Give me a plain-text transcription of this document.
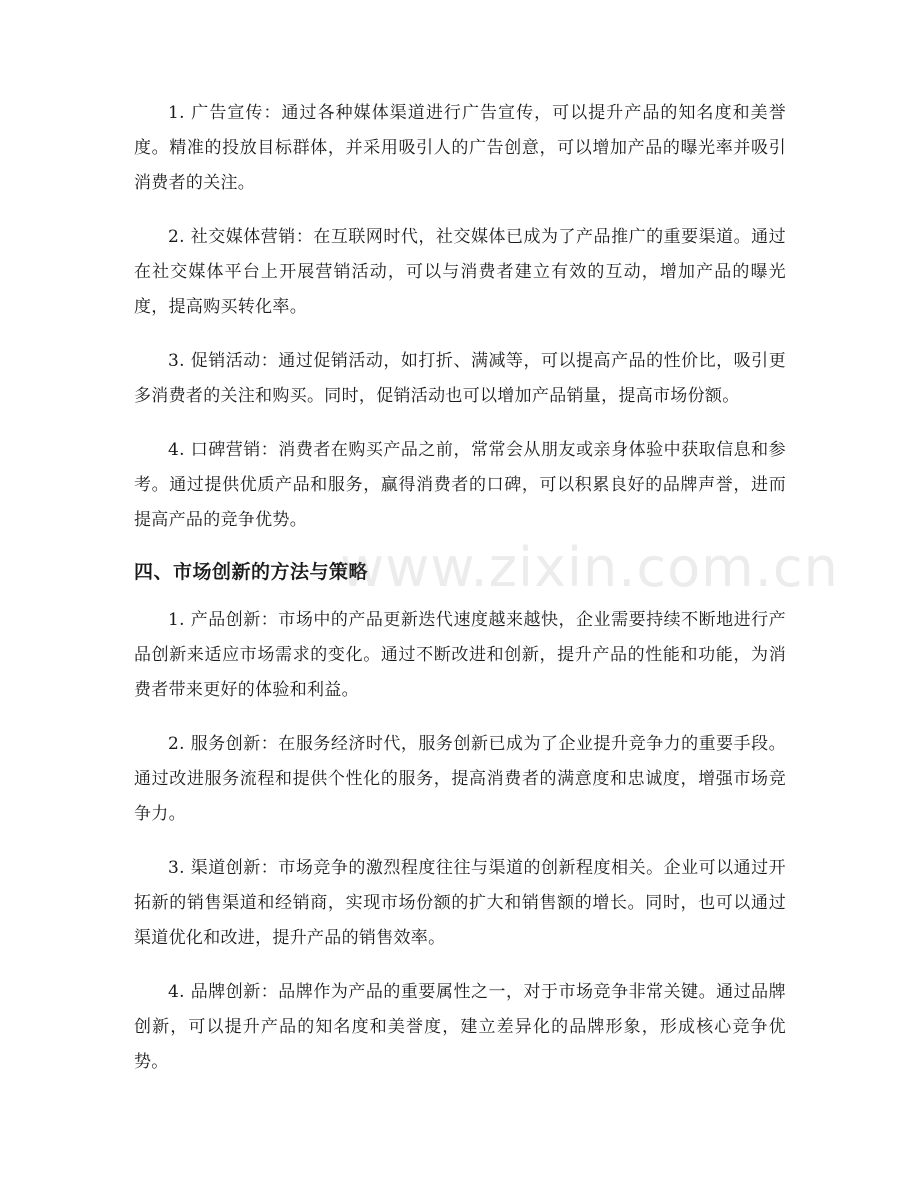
1. 广告宣传：通过各种媒体渠道进行广告宣传，可以提升产品的知名度和美誉度。精准的投放目标群体，并采用吸引人的广告创意，可以增加产品的曝光率并吸引消费者的关注。

2. 社交媒体营销：在互联网时代，社交媒体已成为了产品推广的重要渠道。通过在社交媒体平台上开展营销活动，可以与消费者建立有效的互动，增加产品的曝光度，提高购买转化率。

3. 促销活动：通过促销活动，如打折、满减等，可以提高产品的性价比，吸引更多消费者的关注和购买。同时，促销活动也可以增加产品销量，提高市场份额。

4. 口碑营销：消费者在购买产品之前，常常会从朋友或亲身体验中获取信息和参考。通过提供优质产品和服务，赢得消费者的口碑，可以积累良好的品牌声誉，进而提高产品的竞争优势。

四、市场创新的方法与策略

1. 产品创新：市场中的产品更新迭代速度越来越快，企业需要持续不断地进行产品创新来适应市场需求的变化。通过不断改进和创新，提升产品的性能和功能，为消费者带来更好的体验和利益。

2. 服务创新：在服务经济时代，服务创新已成为了企业提升竞争力的重要手段。通过改进服务流程和提供个性化的服务，提高消费者的满意度和忠诚度，增强市场竞争力。

3. 渠道创新：市场竞争的激烈程度往往与渠道的创新程度相关。企业可以通过开拓新的销售渠道和经销商，实现市场份额的扩大和销售额的增长。同时，也可以通过渠道优化和改进，提升产品的销售效率。

4. 品牌创新：品牌作为产品的重要属性之一，对于市场竞争非常关键。通过品牌创新，可以提升产品的知名度和美誉度，建立差异化的品牌形象，形成核心竞争优势。

www.zixin.com.cn
